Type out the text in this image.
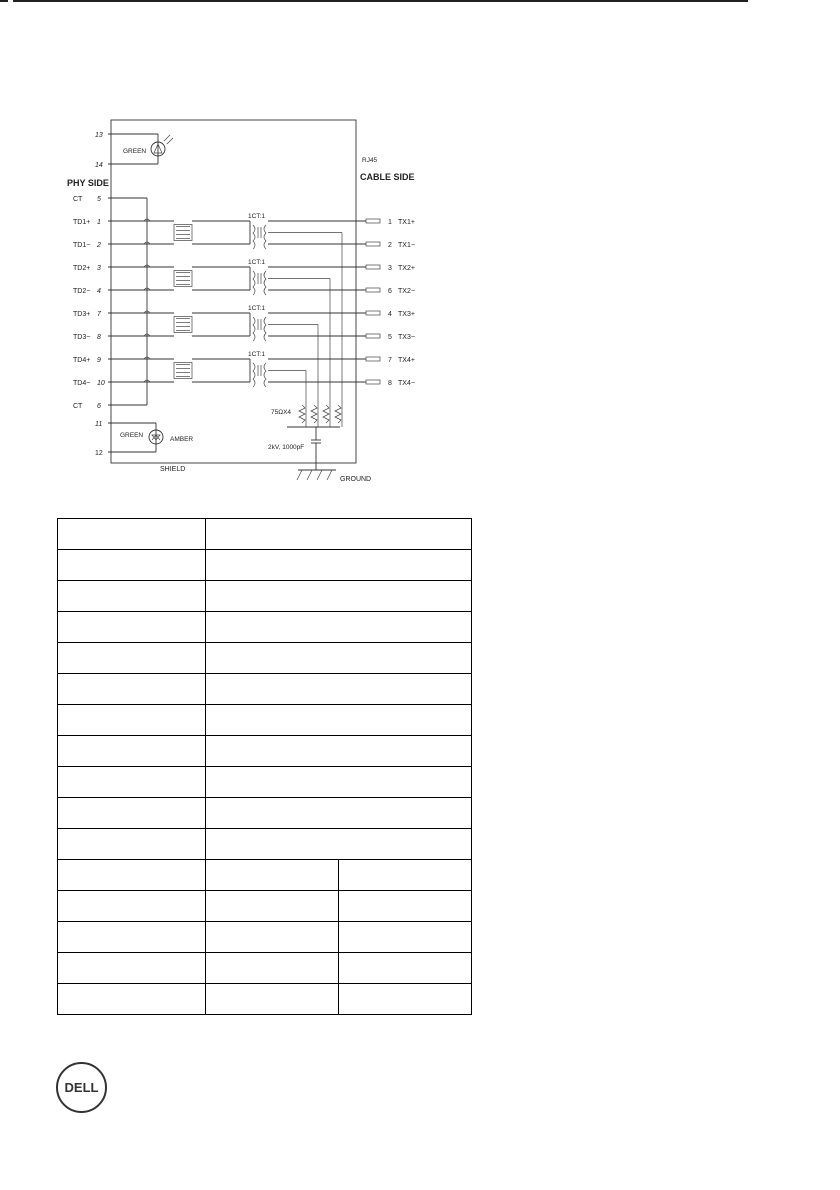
CT 5
TD1+ 1
TD1− 2
TD2+ 3
TD2− 4
TD3+ 7
TD3− 8
TD4+ 9
TD4− 10
CT 6
1CT:1
1CT:1
1CT:1
1CT:1
1 TX1+
2 TX1−
3 TX2+
6 TX2−
4 TX3+
5 TX3−
7 TX4+
8 TX4−
PHY SIDE
CABLE SIDE
RJ45
SHIELD
GROUND
75ΩX4
2kV, 1000pF
13
14
GREEN
11
12
GREEN
AMBER

DELL
